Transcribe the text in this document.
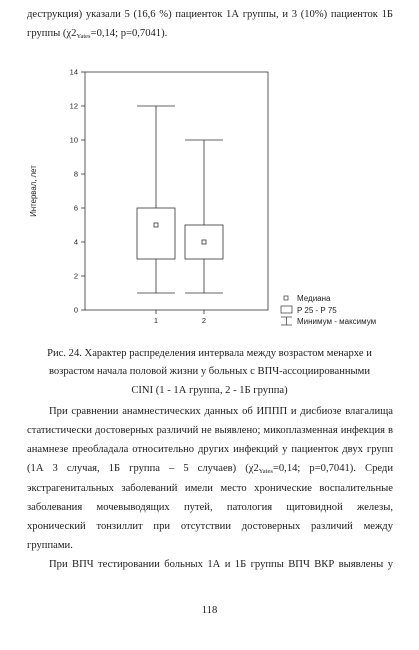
деструкция) указали 5 (16,6 %) пациенток 1А группы, и 3 (10%) пациенток 1Б
группы ($\chi 2_{Yates}=0,14$; p=0,7041).
0
2
4
6
8
10
12
14
Интервал, лет
1	2
Медиана
P 25 - P 75
Минимум - максимум
Рис. 24. Характер распределения интервала между возрастом менархе и
возрастом начала половой жизни у больных с ВПЧ-ассоциированными
CINI (1 - 1А группа, 2 - 1Б группа)
При сравнении анамнестических данных об ИППП и дисбиозе влагалища
статистически достоверных различий не выявлено; микоплазменная инфекция в
анамнезе преобладала относительно других инфекций у пациенток двух групп
(1А 3 случая, 1Б группа – 5 случаев) ($\chi 2_{Yates}=0,14$; p=0,7041). Среди
экстрагенитальных заболеваний имели место хронические воспалительные
заболевания мочевыводящих путей, патология щитовидной железы,
хронический тонзиллит при отсутствии достоверных различий между
группами.
При ВПЧ тестировании больных 1А и 1Б группы ВПЧ ВКР выявлены у
118
